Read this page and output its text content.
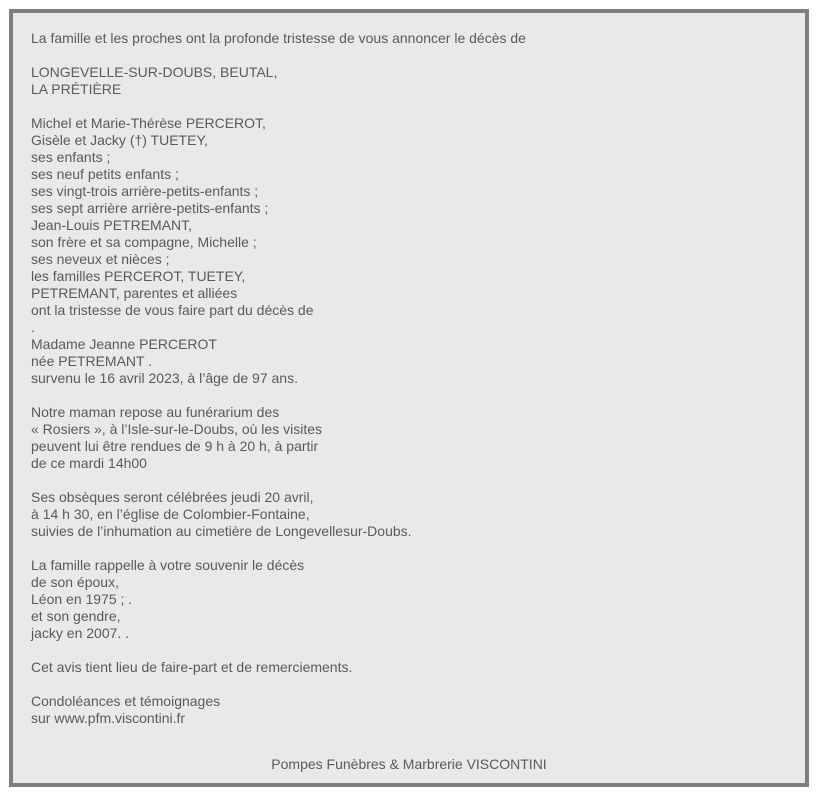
La famille et les proches ont la profonde tristesse de vous annoncer le décès de
LONGEVELLE-SUR-DOUBS, BEUTAL,
LA PRÉTIÈRE
Michel et Marie-Thérèse PERCEROT,
Gisèle et Jacky (†) TUETEY,
ses enfants ;
ses neuf petits enfants ;
ses vingt-trois arrière-petits-enfants ;
ses sept arrière arrière-petits-enfants ;
Jean-Louis PETREMANT,
son frère et sa compagne, Michelle ;
ses neveux et nièces ;
les familles PERCEROT, TUETEY,
PETREMANT, parentes et alliées
ont la tristesse de vous faire part du décès de
.
Madame Jeanne PERCEROT
née PETREMANT .
survenu le 16 avril 2023, à l’âge de 97 ans.
Notre maman repose au funérarium des
« Rosiers », à l’Isle-sur-le-Doubs, où les visites
peuvent lui être rendues de 9 h à 20 h, à partir
de ce mardi 14h00
Ses obsèques seront célébrées jeudi 20 avril,
à 14 h 30, en l’église de Colombier-Fontaine,
suivies de l’inhumation au cimetière de Longevellesur-Doubs.
La famille rappelle à votre souvenir le décès
de son époux,
Léon en 1975 ; .
et son gendre,
jacky en 2007. .
Cet avis tient lieu de faire-part et de remerciements.
Condoléances et témoignages
sur www.pfm.viscontini.fr
Pompes Funèbres & Marbrerie VISCONTINI
